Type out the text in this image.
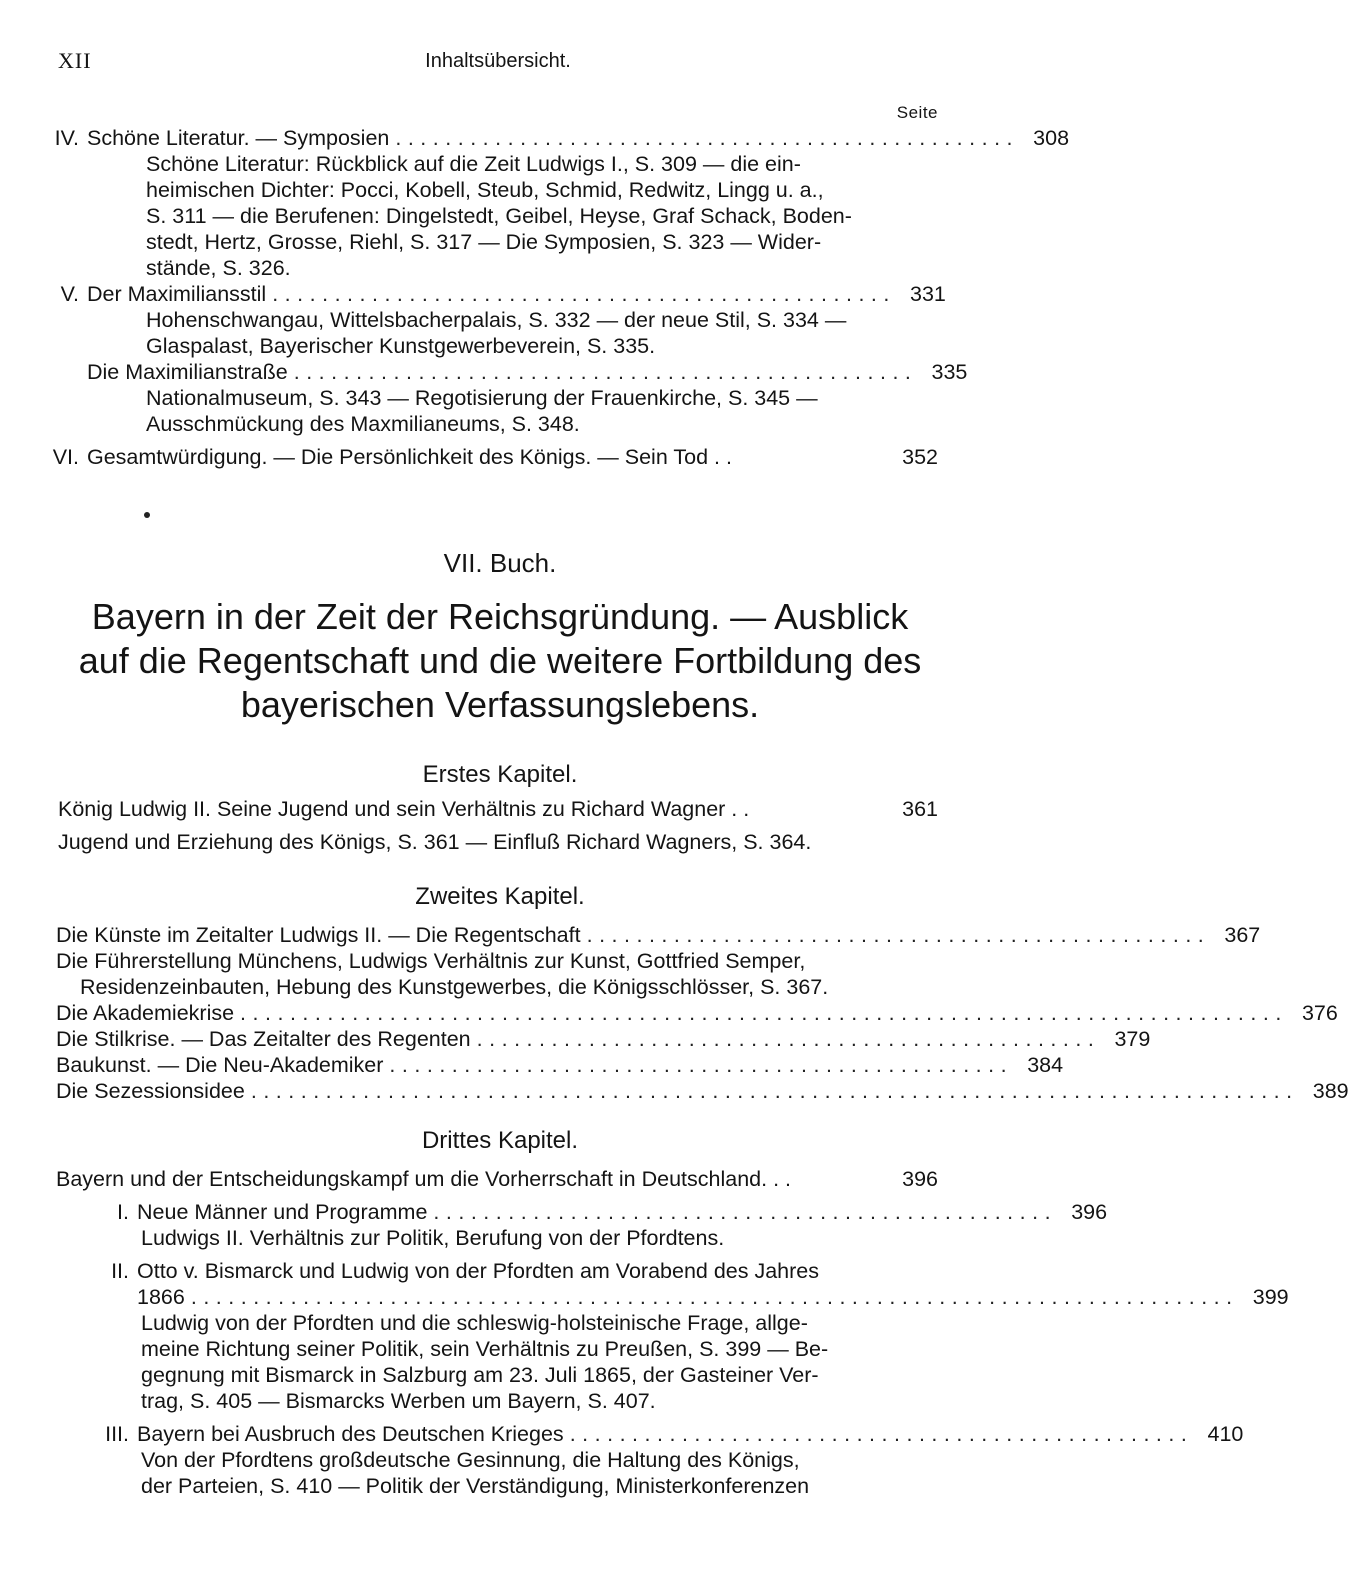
XII	Inhaltsübersicht.
Seite
IV. Schöne Literatur. — Symposien .................................................. 308
Schöne Literatur: Rückblick auf die Zeit Ludwigs I., S. 309 — die ein-
heimischen Dichter: Pocci, Kobell, Steub, Schmid, Redwitz, Lingg u. a.,
S. 311 — die Berufenen: Dingelstedt, Geibel, Heyse, Graf Schack, Boden-
stedt, Hertz, Grosse, Riehl, S. 317 — Die Symposien, S. 323 — Wider-
stände, S. 326.
V. Der Maximiliansstil .................................................. 331
Hohenschwangau, Wittelsbacherpalais, S. 332 — der neue Stil, S. 334 —
Glaspalast, Bayerischer Kunstgewerbeverein, S. 335.
Die Maximilianstraße .................................................. 335
Nationalmuseum, S. 343 — Regotisierung der Frauenkirche, S. 345 —
Ausschmückung des Maxmilianeums, S. 348.
VI. Gesamtwürdigung. — Die Persönlichkeit des Königs. — Sein Tod . .	352
VII. Buch.
Bayern in der Zeit der Reichsgründung. — Ausblick
auf die Regentschaft und die weitere Fortbildung des
bayerischen Verfassungslebens.
Erstes Kapitel.
König Ludwig II. Seine Jugend und sein Verhältnis zu Richard Wagner . .	361
Jugend und Erziehung des Königs, S. 361 — Einfluß Richard Wagners, S. 364.
Zweites Kapitel.
Die Künste im Zeitalter Ludwigs II. — Die Regentschaft .................................................. 367
Die Führerstellung Münchens, Ludwigs Verhältnis zur Kunst, Gottfried Semper,
Residenzeinbauten, Hebung des Kunstgewerbes, die Königsschlösser, S. 367.
Die Akademiekrise .................................................................................... 376
Die Stilkrise. — Das Zeitalter des Regenten .................................................. 379
Baukunst. — Die Neu-Akademiker .................................................. 384
Die Sezessionsidee .................................................................................... 389
Drittes Kapitel.
Bayern und der Entscheidungskampf um die Vorherrschaft in Deutschland. . .	396
I. Neue Männer und Programme .................................................. 396
Ludwigs II. Verhältnis zur Politik, Berufung von der Pfordtens.
II. Otto v. Bismarck und Ludwig von der Pfordten am Vorabend des Jahres
1866 .................................................................................... 399
Ludwig von der Pfordten und die schleswig-holsteinische Frage, allge-
meine Richtung seiner Politik, sein Verhältnis zu Preußen, S. 399 — Be-
gegnung mit Bismarck in Salzburg am 23. Juli 1865, der Gasteiner Ver-
trag, S. 405 — Bismarcks Werben um Bayern, S. 407.
III. Bayern bei Ausbruch des Deutschen Krieges .................................................. 410
Von der Pfordtens großdeutsche Gesinnung, die Haltung des Königs,
der Parteien, S. 410 — Politik der Verständigung, Ministerkonferenzen
